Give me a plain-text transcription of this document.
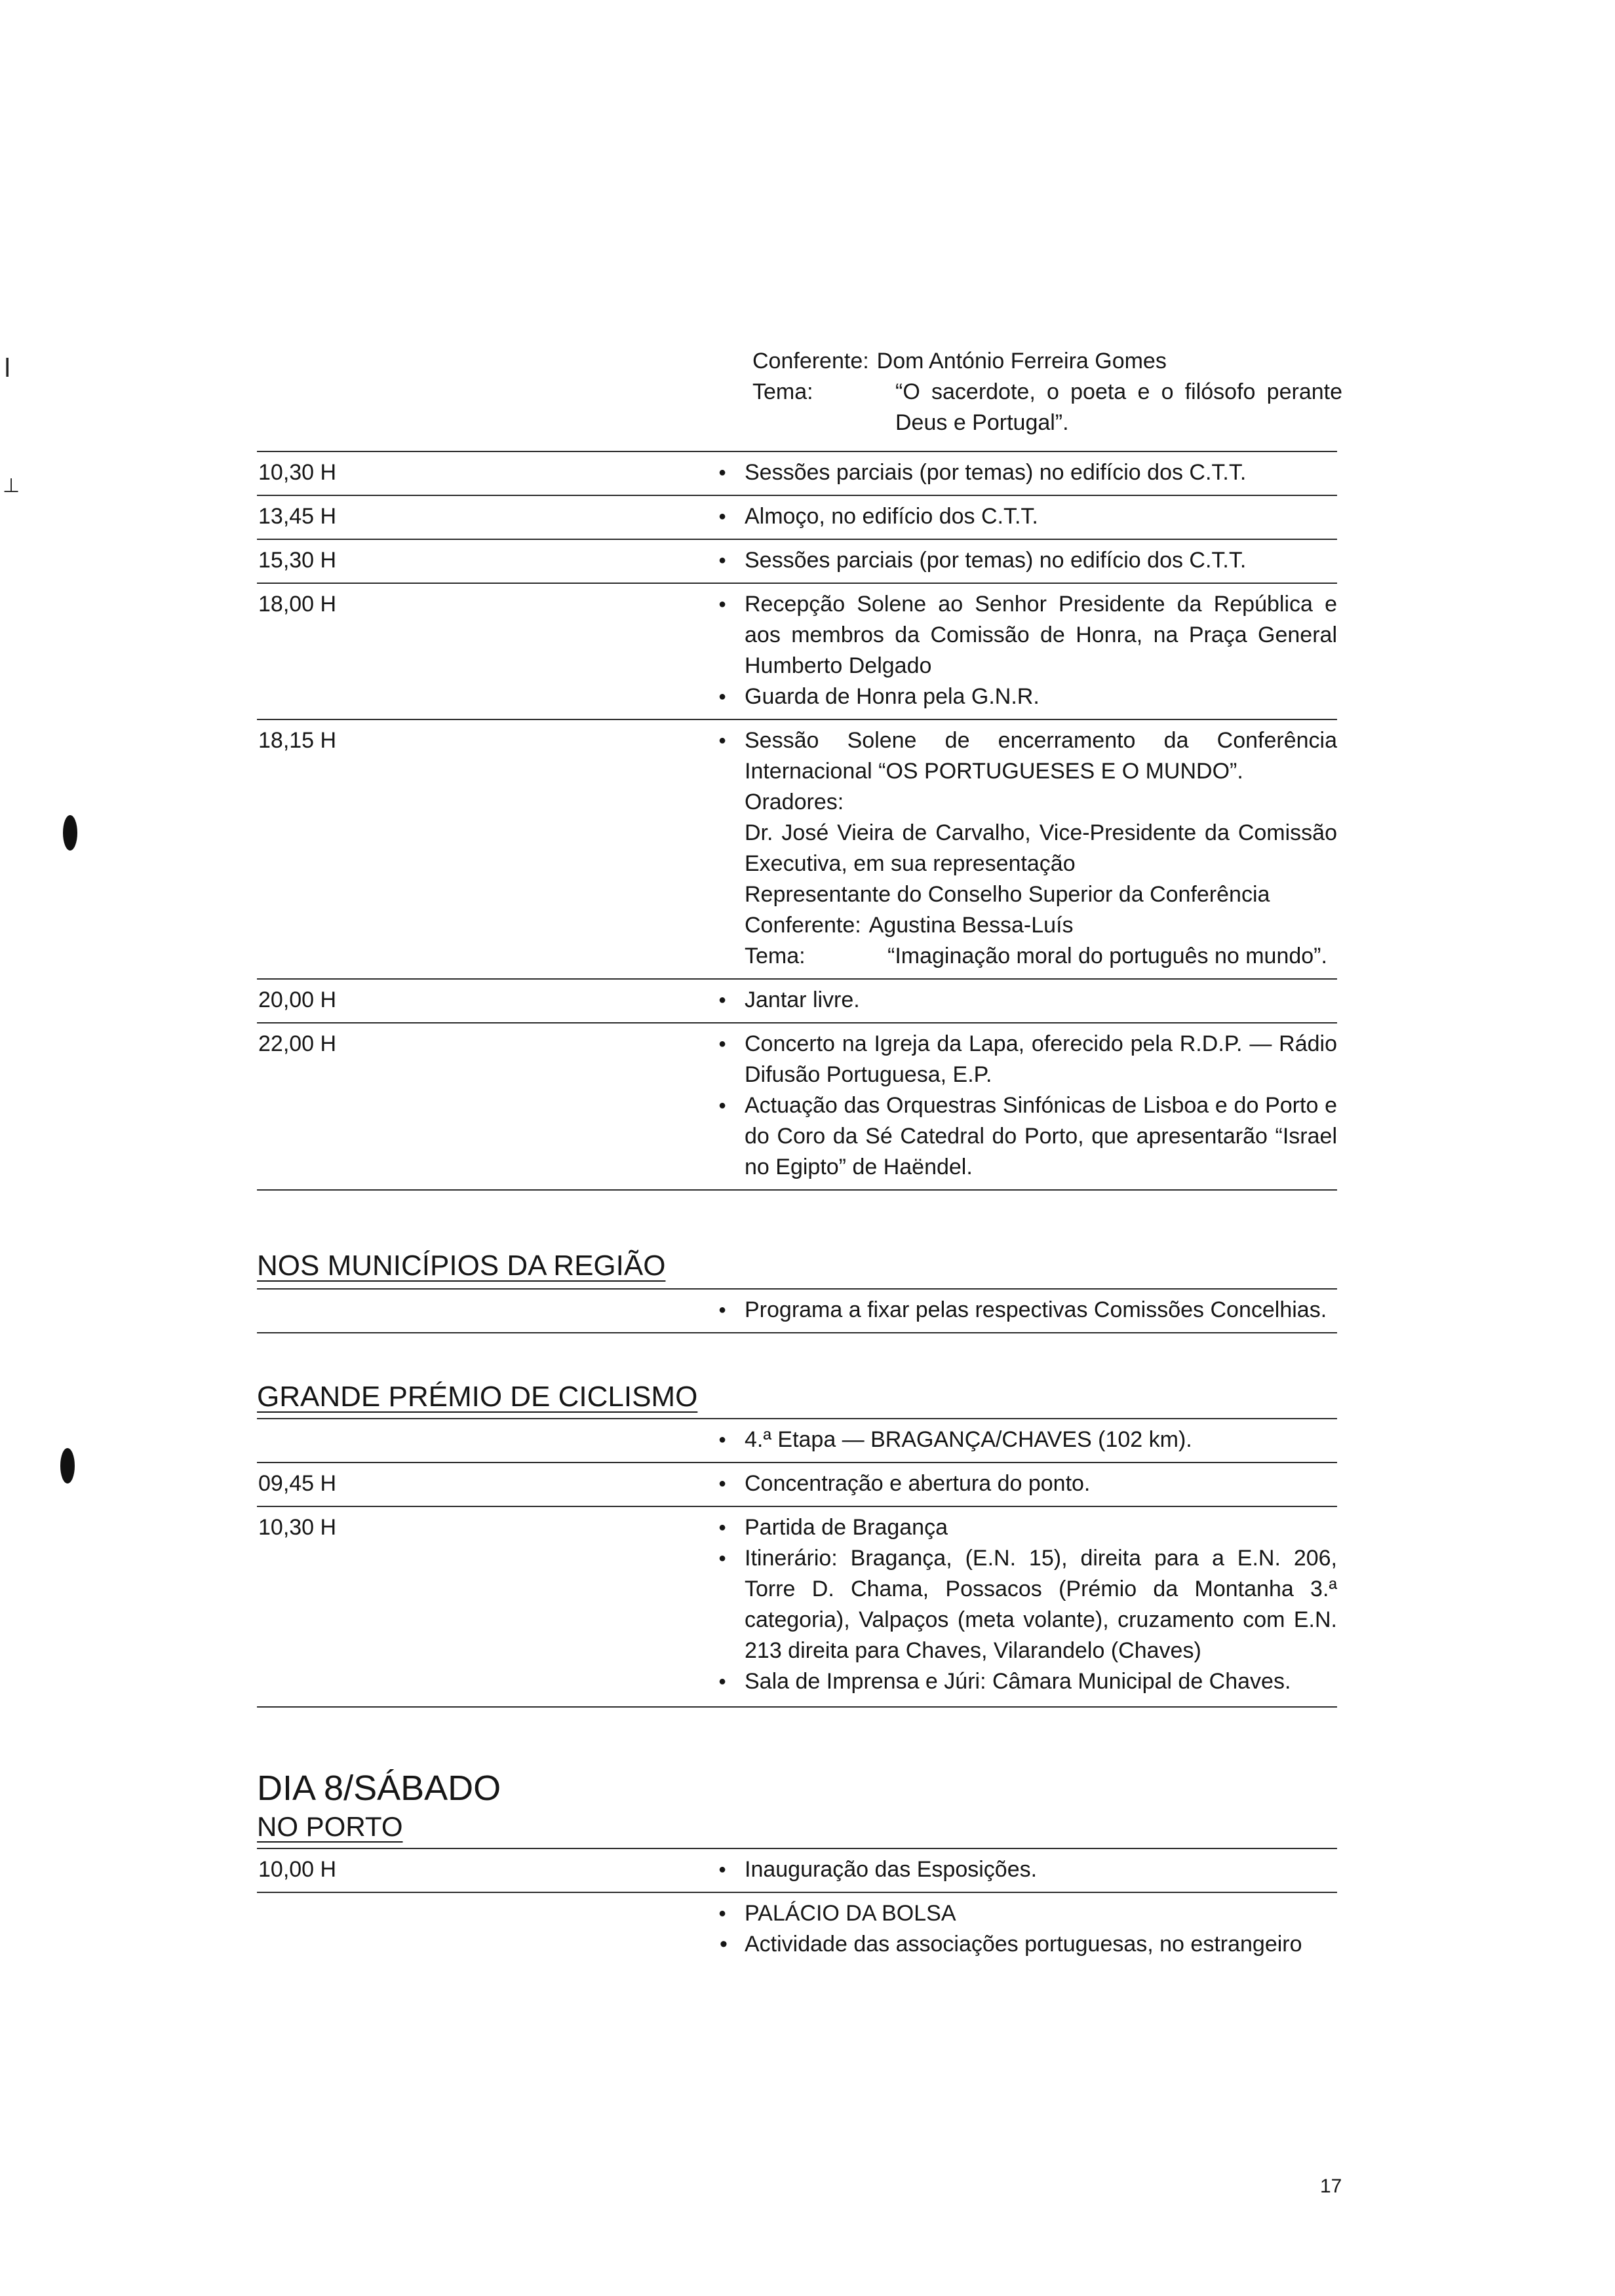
Conferente: Dom António Ferreira Gomes
Tema:	“O sacerdote, o poeta e o filósofo perante Deus e Portugal”.
10,30 H	● Sessões parciais (por temas) no edifício dos C.T.T.
13,45 H	● Almoço, no edifício dos C.T.T.
15,30 H	● Sessões parciais (por temas) no edifício dos C.T.T.
18,00 H	● Recepção Solene ao Senhor Presidente da República e aos membros da Comissão de Honra, na Praça General Humberto Delgado
● Guarda de Honra pela G.N.R.
18,15 H	● Sessão Solene de encerramento da Conferência Internacional “OS PORTUGUESES E O MUNDO”.
Oradores:
Dr. José Vieira de Carvalho, Vice-Presidente da Comissão Executiva, em sua representação
Representante do Conselho Superior da Conferência
Conferente: Agustina Bessa-Luís
Tema:	“Imaginação moral do português no mundo”.
20,00 H	● Jantar livre.
22,00 H	● Concerto na Igreja da Lapa, oferecido pela R.D.P. — Rádio Difusão Portuguesa, E.P.
● Actuação das Orquestras Sinfónicas de Lisboa e do Porto e do Coro da Sé Catedral do Porto, que apresentarão “Israel no Egipto” de Haëndel.
NOS MUNICÍPIOS DA REGIÃO
● Programa a fixar pelas respectivas Comissões Concelhias.
GRANDE PRÉMIO DE CICLISMO
● 4.ª Etapa — BRAGANÇA/CHAVES (102 km).
09,45 H	● Concentração e abertura do ponto.
10,30 H	● Partida de Bragança
● Itinerário: Bragança, (E.N. 15), direita para a E.N. 206, Torre D. Chama, Possacos (Prémio da Montanha 3.ª categoria), Valpaços (meta volante), cruzamento com E.N. 213 direita para Chaves, Vilarandelo (Chaves)
● Sala de Imprensa e Júri: Câmara Municipal de Chaves.
DIA 8/SÁBADO
NO PORTO
10,00 H	● Inauguração das Esposições.
● PALÁCIO DA BOLSA
• Actividade das associações portuguesas, no estrangeiro
17
ǀ
⊥
